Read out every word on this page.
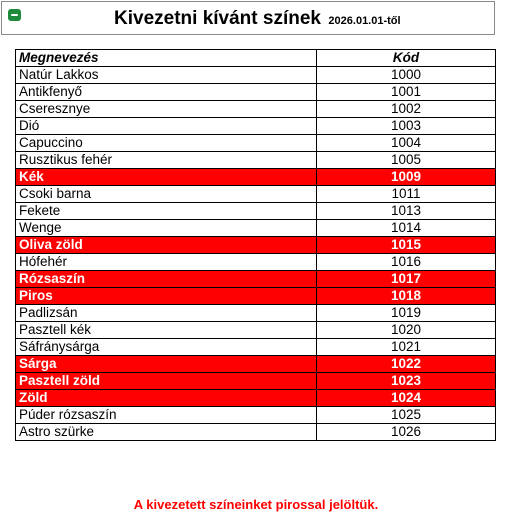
Kivezetni kívánt színek 2026.01.01-től
Megnevezés	Kód
Natúr Lakkos	1000
Antikfenyő	1001
Cseresznye	1002
Dió	1003
Capuccino	1004
Rusztikus fehér	1005
Kék	1009
Csoki barna	1011
Fekete	1013
Wenge	1014
Oliva zöld	1015
Hófehér	1016
Rózsaszín	1017
Piros	1018
Padlizsán	1019
Pasztell kék	1020
Sáfránysárga	1021
Sárga	1022
Pasztell zöld	1023
Zöld	1024
Púder rózsaszín	1025
Astro szürke	1026
A kivezetett színeinket pirossal jelöltük.
